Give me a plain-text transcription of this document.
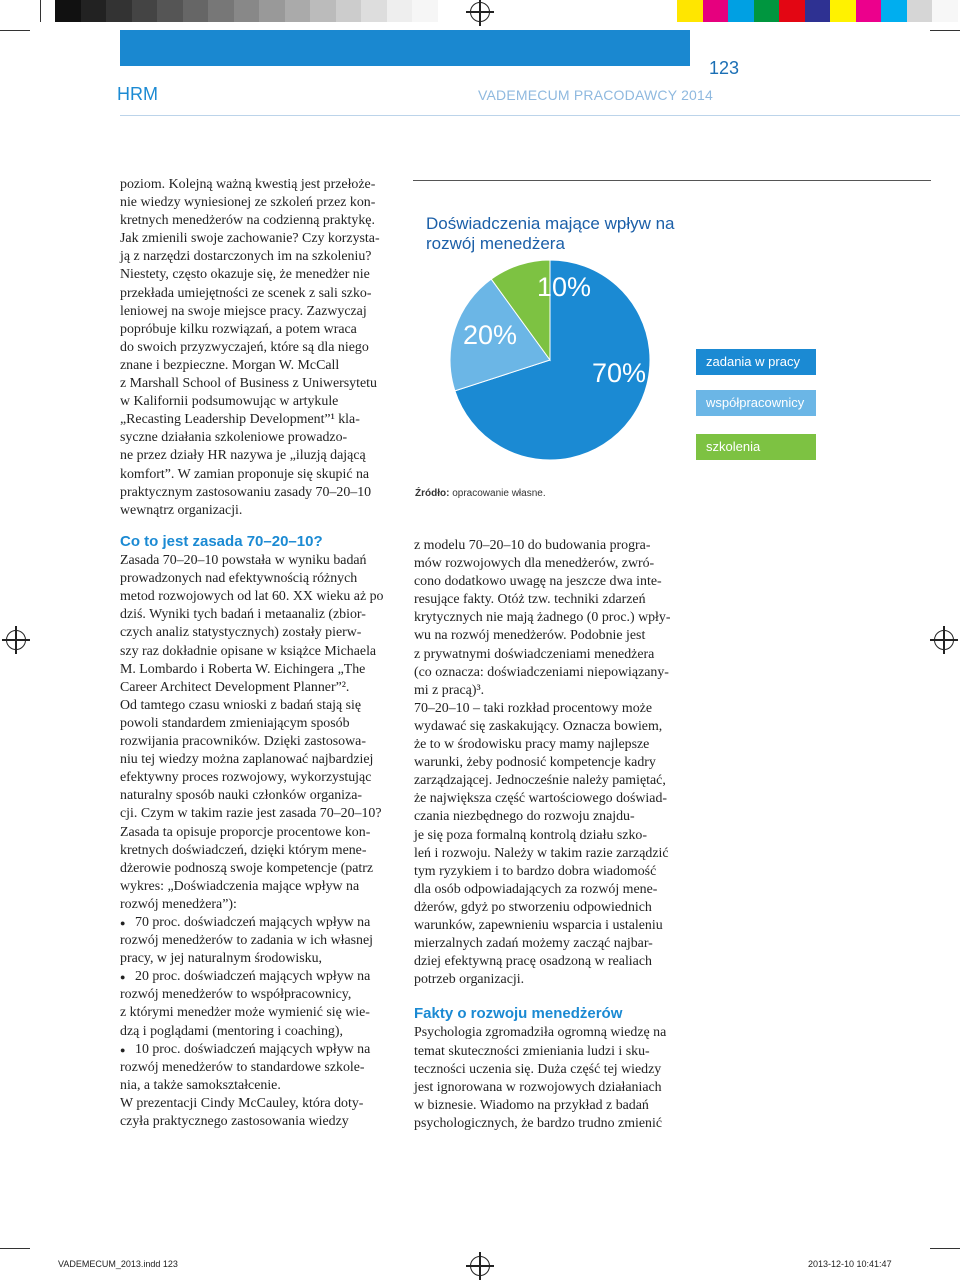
HRM	VADEMECUM PRACODAWCY 2014
123

poziom. Kolejną ważną kwestią jest przełoże-

nie wiedzy wyniesionej ze szkoleń przez kon-

kretnych menedżerów na codzienną praktykę.

Jak zmienili swoje zachowanie? Czy korzysta-

ją z narzędzi dostarczonych im na szkoleniu?

Niestety, często okazuje się, że menedżer nie

przekłada umiejętności ze scenek z sali szko-

leniowej na swoje miejsce pracy. Zazwyczaj

popróbuje kilku rozwiązań, a potem wraca

do swoich przyzwyczajeń, które są dla niego

znane i bezpieczne. Morgan W. McCall

z Marshall School of Business z Uniwersytetu

w Kalifornii podsumowując w artykule

„Recasting Leadership Development”¹ kla-

syczne działania szkoleniowe prowadzo-

ne przez działy HR nazywa je „iluzją dającą

komfort”. W zamian proponuje się skupić na

praktycznym zastosowaniu zasady 70–20–10

wewnątrz organizacji.

Doświadczenia mające wpływ na rozwój menedżera
70%
20%
10%
zadania w pracy
współpracownicy
szkolenia
Źródło: opracowanie własne.
Co to jest zasada 70–20–10?

Zasada 70–20–10 powstała w wyniku badań

prowadzonych nad efektywnością różnych

metod rozwojowych od lat 60. XX wieku aż po

dziś. Wyniki tych badań i metaanaliz (zbior-

czych analiz statystycznych) zostały pierw-

szy raz dokładnie opisane w książce Michaela

M. Lombardo i Roberta W. Eichingera „The

Career Architect Development Planner”².

Od tamtego czasu wnioski z badań stają się

powoli standardem zmieniającym sposób

rozwijania pracowników. Dzięki zastosowa-

niu tej wiedzy można zaplanować najbardziej

efektywny proces rozwojowy, wykorzystując

naturalny sposób nauki członków organiza-

cji. Czym w takim razie jest zasada 70–20–10?

Zasada ta opisuje proporcje procentowe kon-

kretnych doświadczeń, dzięki którym mene-

dżerowie podnoszą swoje kompetencje (patrz

wykres: „Doświadczenia mające wpływ na

rozwój menedżera”):

● 70 proc. doświadczeń mających wpływ na
rozwój menedżerów to zadania w ich własnej
pracy, w jej naturalnym środowisku,
● 20 proc. doświadczeń mających wpływ na
rozwój menedżerów to współpracownicy,
z którymi menedżer może wymienić się wie-
dzą i poglądami (mentoring i coaching),
● 10 proc. doświadczeń mających wpływ na
rozwój menedżerów to standardowe szkole-
nia, a także samokształcenie.

W prezentacji Cindy McCauley, która doty-

czyła praktycznego zastosowania wiedzy

z modelu 70–20–10 do budowania progra-

mów rozwojowych dla menedżerów, zwró-

cono dodatkowo uwagę na jeszcze dwa inte-

resujące fakty. Otóż tzw. techniki zdarzeń

krytycznych nie mają żadnego (0 proc.) wpły-

wu na rozwój menedżerów. Podobnie jest

z prywatnymi doświadczeniami menedżera

(co oznacza: doświadczeniami niepowiązany-

mi z pracą)³.

70–20–10 – taki rozkład procentowy może

wydawać się zaskakujący. Oznacza bowiem,

że to w środowisku pracy mamy najlepsze

warunki, żeby podnosić kompetencje kadry

zarządzającej. Jednocześnie należy pamiętać,

że największa część wartościowego doświad-

czania niezbędnego do rozwoju znajdu-

je się poza formalną kontrolą działu szko-

leń i rozwoju. Należy w takim razie zarządzić

tym ryzykiem i to bardzo dobra wiadomość

dla osób odpowiadających za rozwój mene-

dżerów, gdyż po stworzeniu odpowiednich

warunków, zapewnieniu wsparcia i ustaleniu

mierzalnych zadań możemy zacząć najbar-

dziej efektywną pracę osadzoną w realiach

potrzeb organizacji.

Fakty o rozwoju menedżerów

Psychologia zgromadziła ogromną wiedzę na

temat skuteczności zmieniania ludzi i sku-

teczności uczenia się. Duża część tej wiedzy

jest ignorowana w rozwojowych działaniach

w biznesie. Wiadomo na przykład z badań

psychologicznych, że bardzo trudno zmienić

VADEMECUM_2013.indd 123	2013-12-10 10:41:47
